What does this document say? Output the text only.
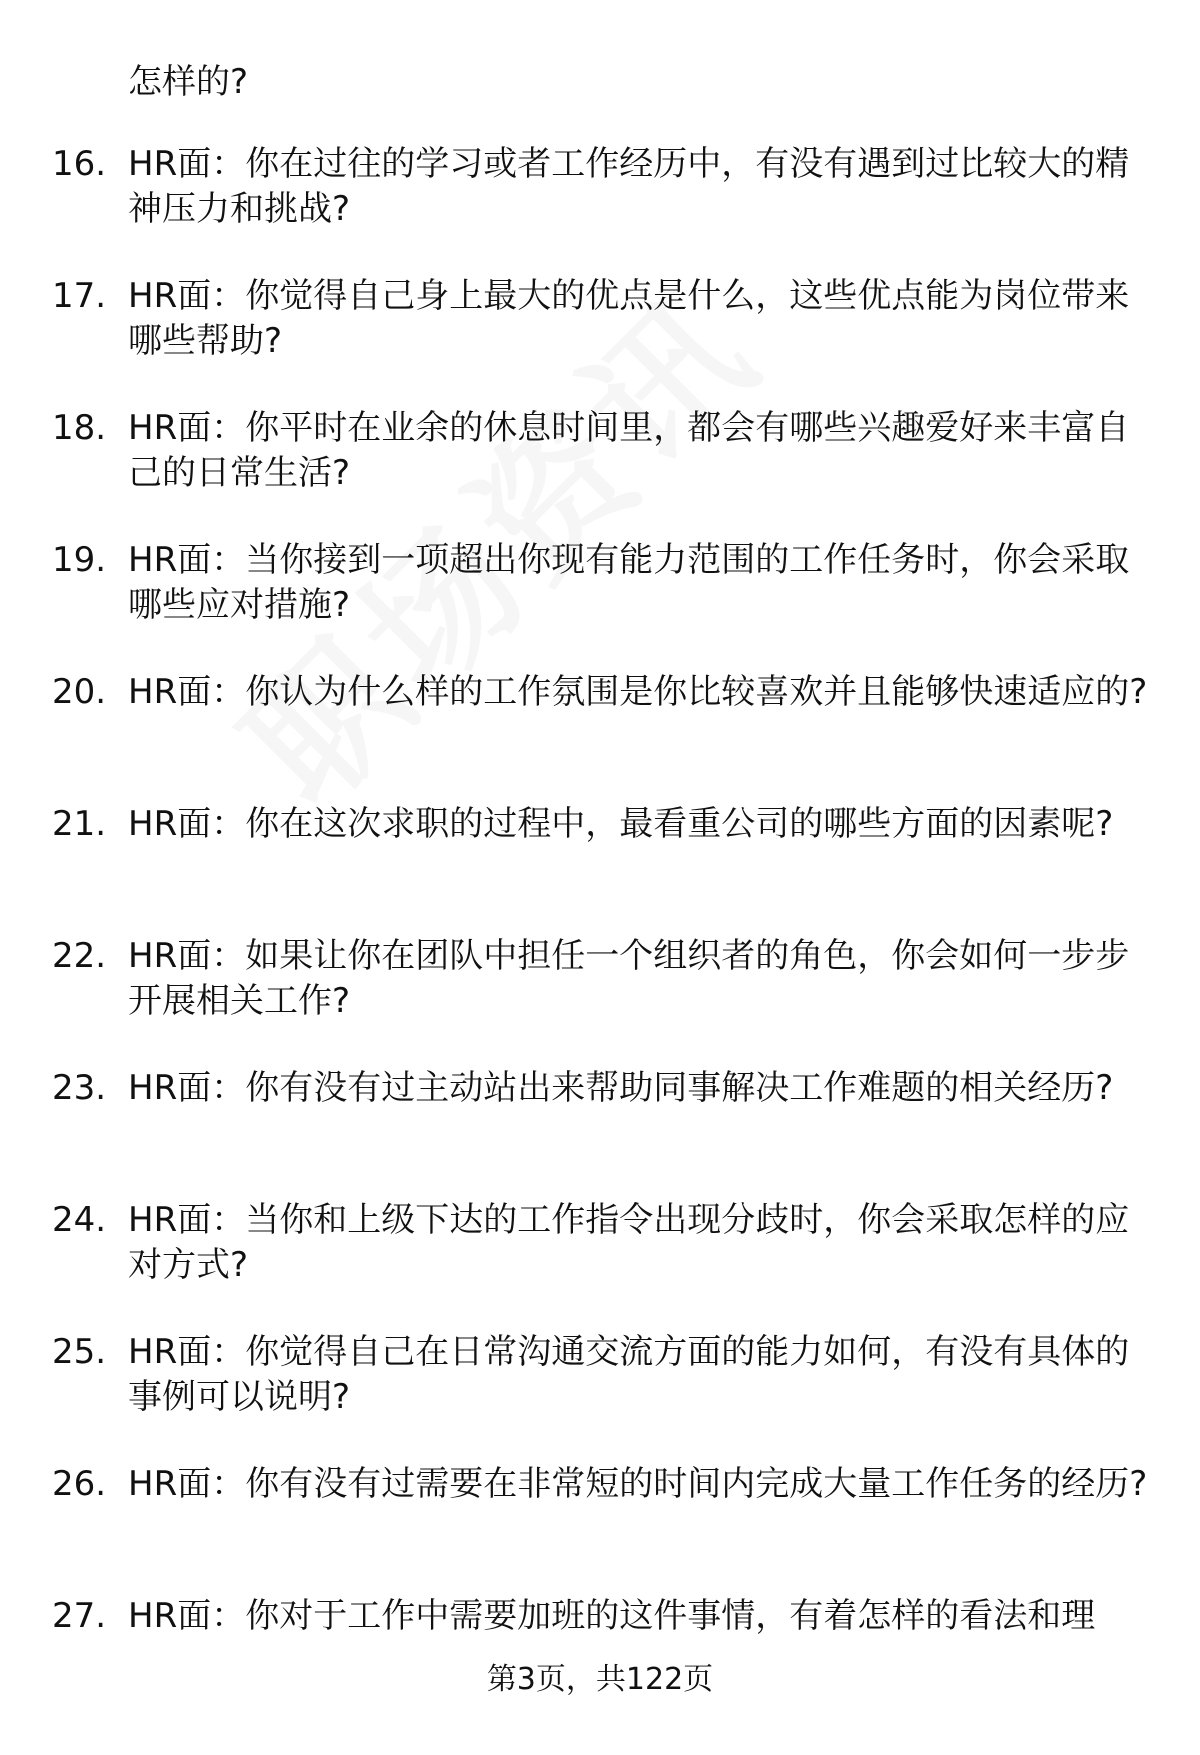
怎样的?

16. HR面：你在过往的学习或者工作经历中，有没有遇到过比较大的精神压力和挑战?

17. HR面：你觉得自己身上最大的优点是什么，这些优点能为岗位带来哪些帮助?

18. HR面：你平时在业余的休息时间里，都会有哪些兴趣爱好来丰富自己的日常生活?

19. HR面：当你接到一项超出你现有能力范围的工作任务时，你会采取哪些应对措施?

20. HR面：你认为什么样的工作氛围是你比较喜欢并且能够快速适应的?

21. HR面：你在这次求职的过程中，最看重公司的哪些方面的因素呢?

22. HR面：如果让你在团队中担任一个组织者的角色，你会如何一步步开展相关工作?

23. HR面：你有没有过主动站出来帮助同事解决工作难题的相关经历?

24. HR面：当你和上级下达的工作指令出现分歧时，你会采取怎样的应对方式?

25. HR面：你觉得自己在日常沟通交流方面的能力如何，有没有具体的事例可以说明?

26. HR面：你有没有过需要在非常短的时间内完成大量工作任务的经历?

27. HR面：你对于工作中需要加班的这件事情，有着怎样的看法和理

第3页，共122页
